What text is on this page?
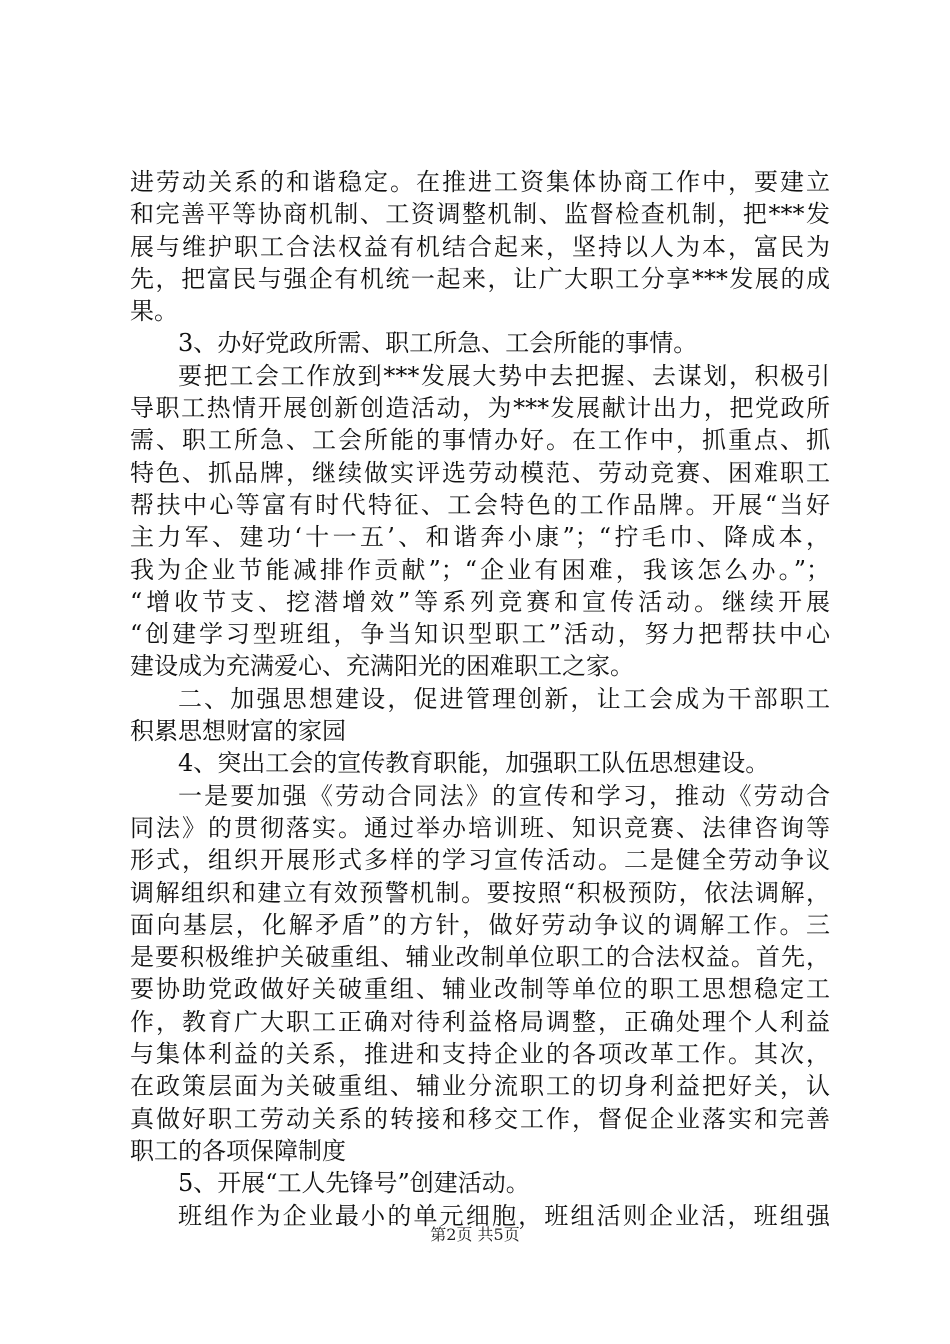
进劳动关系的和谐稳定。在推进工资集体协商工作中，要建立
和完善平等协商机制、工资调整机制、监督检查机制，把***发
展与维护职工合法权益有机结合起来，坚持以人为本，富民为
先，把富民与强企有机统一起来，让广大职工分享***发展的成
果。
3、办好党政所需、职工所急、工会所能的事情。
要把工会工作放到***发展大势中去把握、去谋划，积极引
导职工热情开展创新创造活动，为***发展献计出力，把党政所
需、职工所急、工会所能的事情办好。在工作中，抓重点、抓
特色、抓品牌，继续做实评选劳动模范、劳动竞赛、困难职工
帮扶中心等富有时代特征、工会特色的工作品牌。开展“当好
主力军、建功‘十一五’、和谐奔小康”；“拧毛巾、降成本，
我为企业节能减排作贡献”；“企业有困难，我该怎么办。”；
“增收节支、挖潜增效”等系列竞赛和宣传活动。继续开展
“创建学习型班组，争当知识型职工”活动，努力把帮扶中心
建设成为充满爱心、充满阳光的困难职工之家。
二、加强思想建设，促进管理创新，让工会成为干部职工
积累思想财富的家园
4、突出工会的宣传教育职能，加强职工队伍思想建设。
一是要加强《劳动合同法》的宣传和学习，推动《劳动合
同法》的贯彻落实。通过举办培训班、知识竞赛、法律咨询等
形式，组织开展形式多样的学习宣传活动。二是健全劳动争议
调解组织和建立有效预警机制。要按照“积极预防，依法调解，
面向基层，化解矛盾”的方针，做好劳动争议的调解工作。三
是要积极维护关破重组、辅业改制单位职工的合法权益。首先，
要协助党政做好关破重组、辅业改制等单位的职工思想稳定工
作，教育广大职工正确对待利益格局调整，正确处理个人利益
与集体利益的关系，推进和支持企业的各项改革工作。其次，
在政策层面为关破重组、辅业分流职工的切身利益把好关，认
真做好职工劳动关系的转接和移交工作，督促企业落实和完善
职工的各项保障制度
5、开展“工人先锋号”创建活动。
班组作为企业最小的单元细胞，班组活则企业活，班组强
第2页 共5页
